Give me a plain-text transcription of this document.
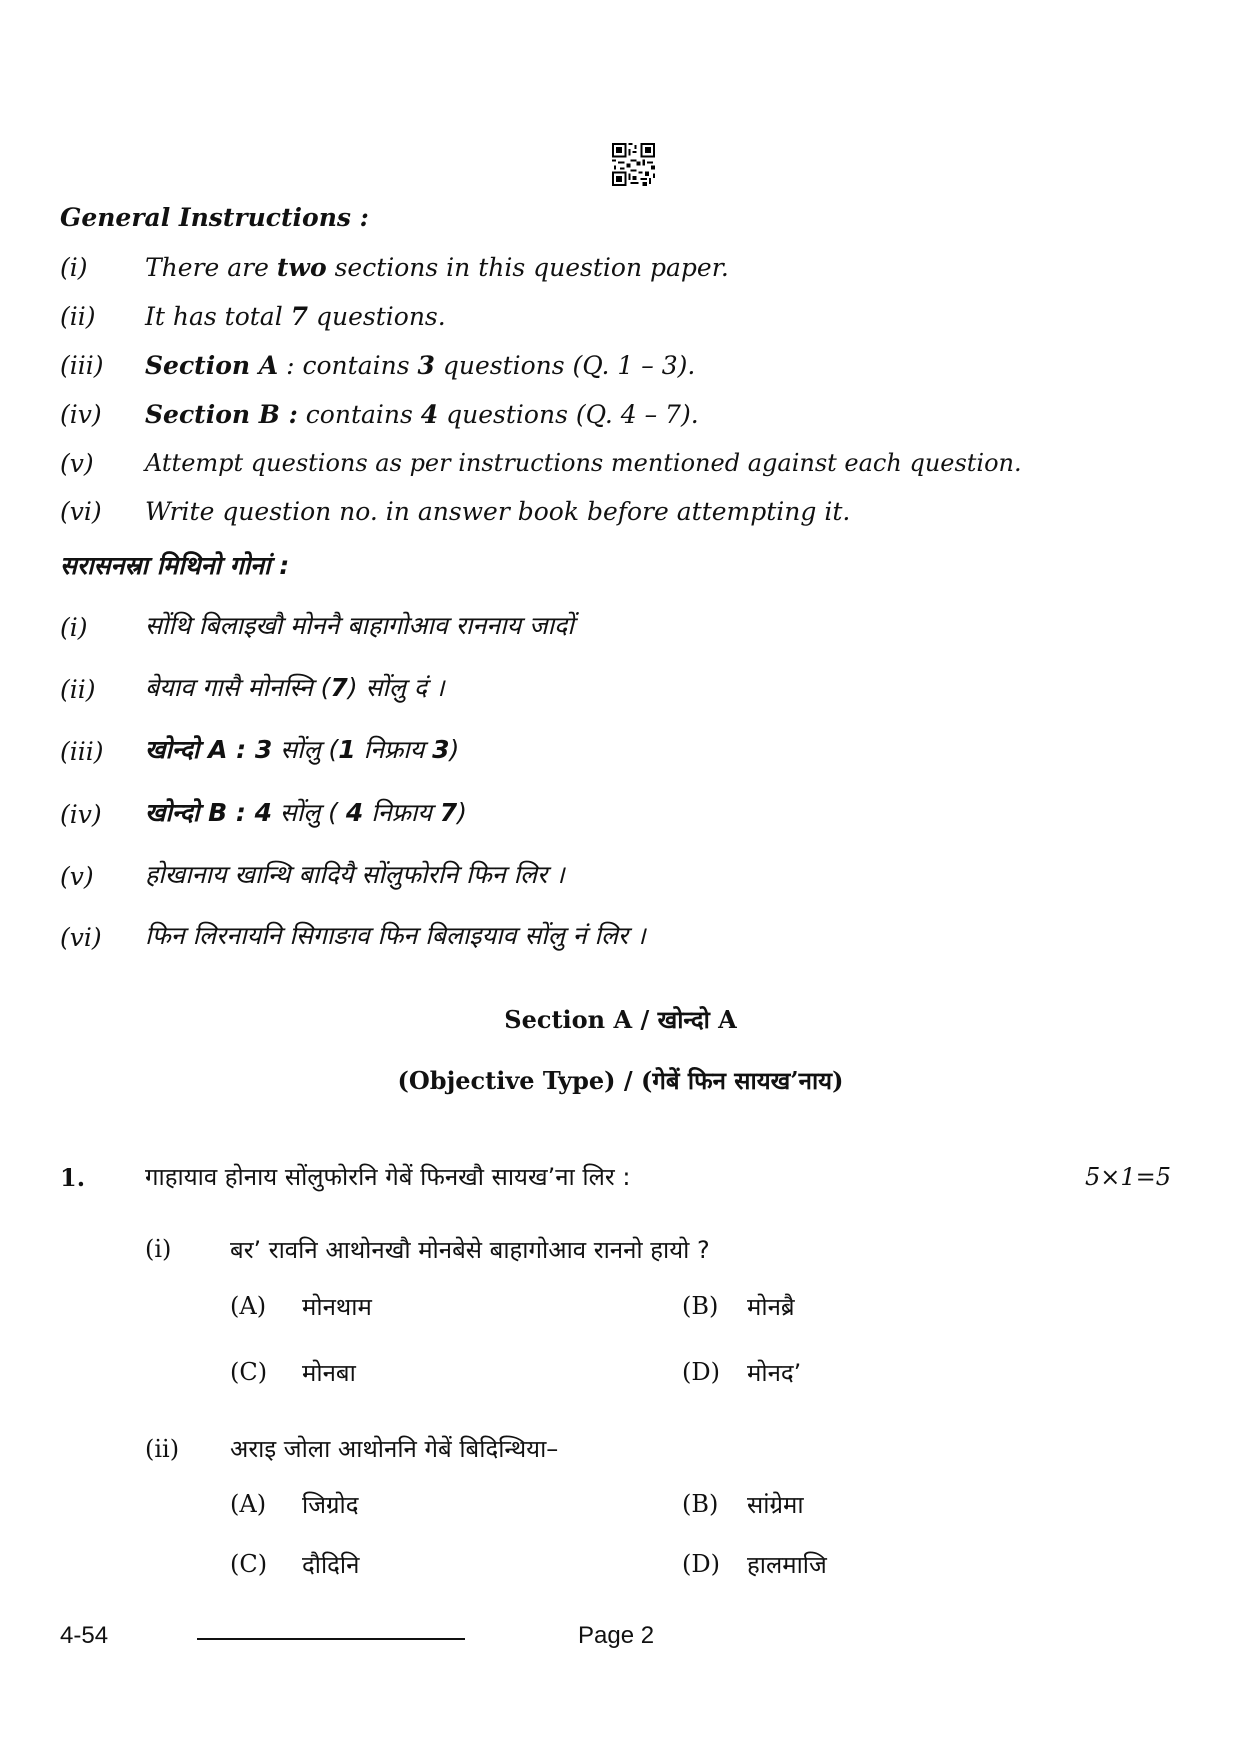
General Instructions :
(i) There are two sections in this question paper.
(ii) It has total 7 questions.
(iii) Section A : contains 3 questions (Q. 1 – 3).
(iv) Section B : contains 4 questions (Q. 4 – 7).
(v) Attempt questions as per instructions mentioned against each question.
(vi) Write question no. in answer book before attempting it.
सरासनस्रा मिथिनो गोनां :
(i) सोंथि बिलाइखौ मोननै बाहागोआव राननाय जादों
(ii) बेयाव गासै मोनस्नि (7) सोंलु दं ।
(iii) खोन्दो A : 3 सोंलु (1 निफ्राय 3)
(iv) खोन्दो B : 4 सोंलु ( 4 निफ्राय 7)
(v) होखानाय खान्थि बादियै सोंलुफोरनि फिन लिर ।
(vi) फिन लिरनायनि सिगाङाव फिन बिलाइयाव सोंलु नं लिर ।
Section A / खोन्दो A
(Objective Type) / (गेबें फिन सायख’नाय)
1. गाहायाव होनाय सोंलुफोरनि गेबें फिनखौ सायख’ना लिर :	5×1=5
(i) बर’ रावनि आथोनखौ मोनबेसे बाहागोआव राननो हायो ?
(A) मोनथाम	(B) मोनब्रै
(C) मोनबा	(D) मोनद’
(ii) अराइ जोला आथोननि गेबें बिदिन्थिया–
(A) जिग्रोद	(B) सांग्रेमा
(C) दौदिनि	(D) हालमाजि
4-54	Page 2
